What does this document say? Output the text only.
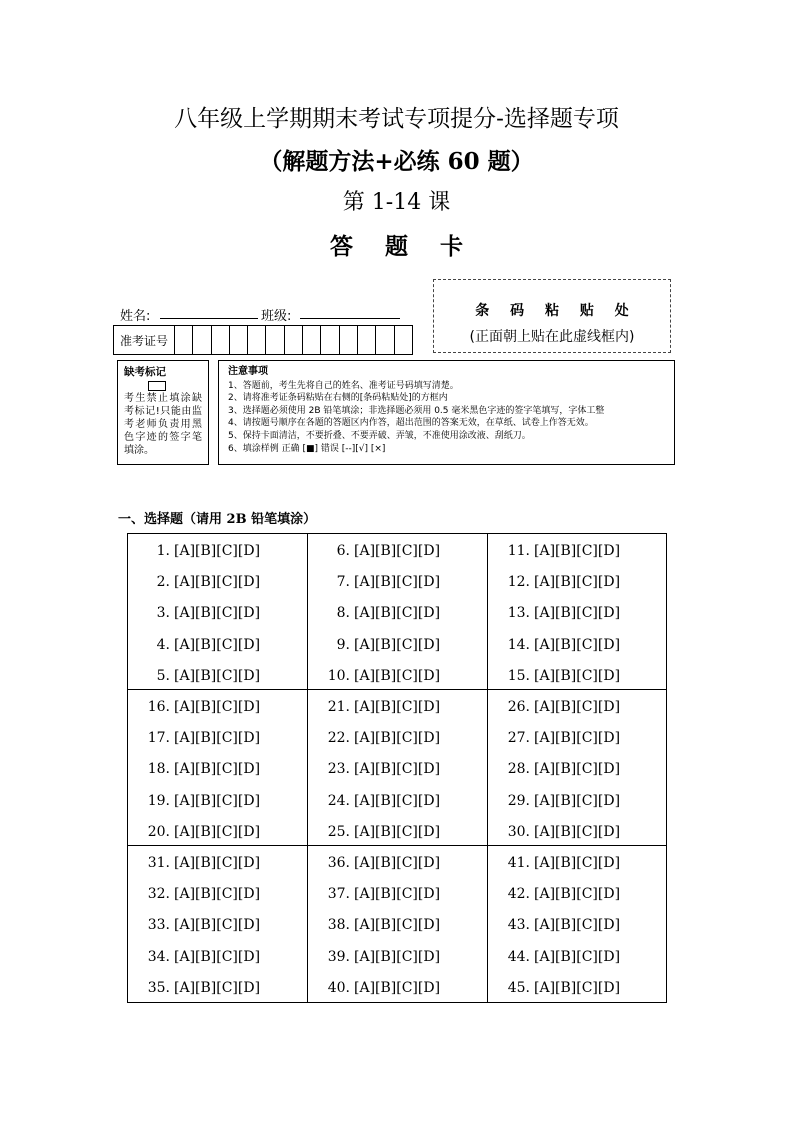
八年级上学期期末考试专项提分-选择题专项
（解题方法+必练 60 题）
第 1-14 课
答 题 卡
姓名:	班级:
准考证号
条 码 粘 贴 处
(正面朝上贴在此虚线框内)
缺考标记
考生禁止填涂缺考标记!只能由监考老师负责用黑色字迹的签字笔填涂。
注意事项
1、答题前，考生先将自己的姓名、准考证号码填写清楚。
2、请将准考证条码粘贴在右侧的[条码粘贴处]的方框内
3、选择题必须使用 2B 铅笔填涂；非选择题必须用 0.5 毫米黑色字迹的签字笔填写，字体工整
4、请按题号顺序在各题的答题区内作答，超出范围的答案无效，在草纸、试卷上作答无效。
5、保持卡面清洁，不要折叠、不要弄破、弄皱，不准使用涂改液、刮纸刀。
6、填涂样例 正确 [■] 错误 [--][√] [×]
一、选择题（请用 2B 铅笔填涂）
1. [A][B][C][D]
2. [A][B][C][D]
3. [A][B][C][D]
4. [A][B][C][D]
5. [A][B][C][D]
6. [A][B][C][D]
7. [A][B][C][D]
8. [A][B][C][D]
9. [A][B][C][D]
10. [A][B][C][D]
11. [A][B][C][D]
12. [A][B][C][D]
13. [A][B][C][D]
14. [A][B][C][D]
15. [A][B][C][D]
16. [A][B][C][D]
17. [A][B][C][D]
18. [A][B][C][D]
19. [A][B][C][D]
20. [A][B][C][D]
21. [A][B][C][D]
22. [A][B][C][D]
23. [A][B][C][D]
24. [A][B][C][D]
25. [A][B][C][D]
26. [A][B][C][D]
27. [A][B][C][D]
28. [A][B][C][D]
29. [A][B][C][D]
30. [A][B][C][D]
31. [A][B][C][D]
32. [A][B][C][D]
33. [A][B][C][D]
34. [A][B][C][D]
35. [A][B][C][D]
36. [A][B][C][D]
37. [A][B][C][D]
38. [A][B][C][D]
39. [A][B][C][D]
40. [A][B][C][D]
41. [A][B][C][D]
42. [A][B][C][D]
43. [A][B][C][D]
44. [A][B][C][D]
45. [A][B][C][D]
